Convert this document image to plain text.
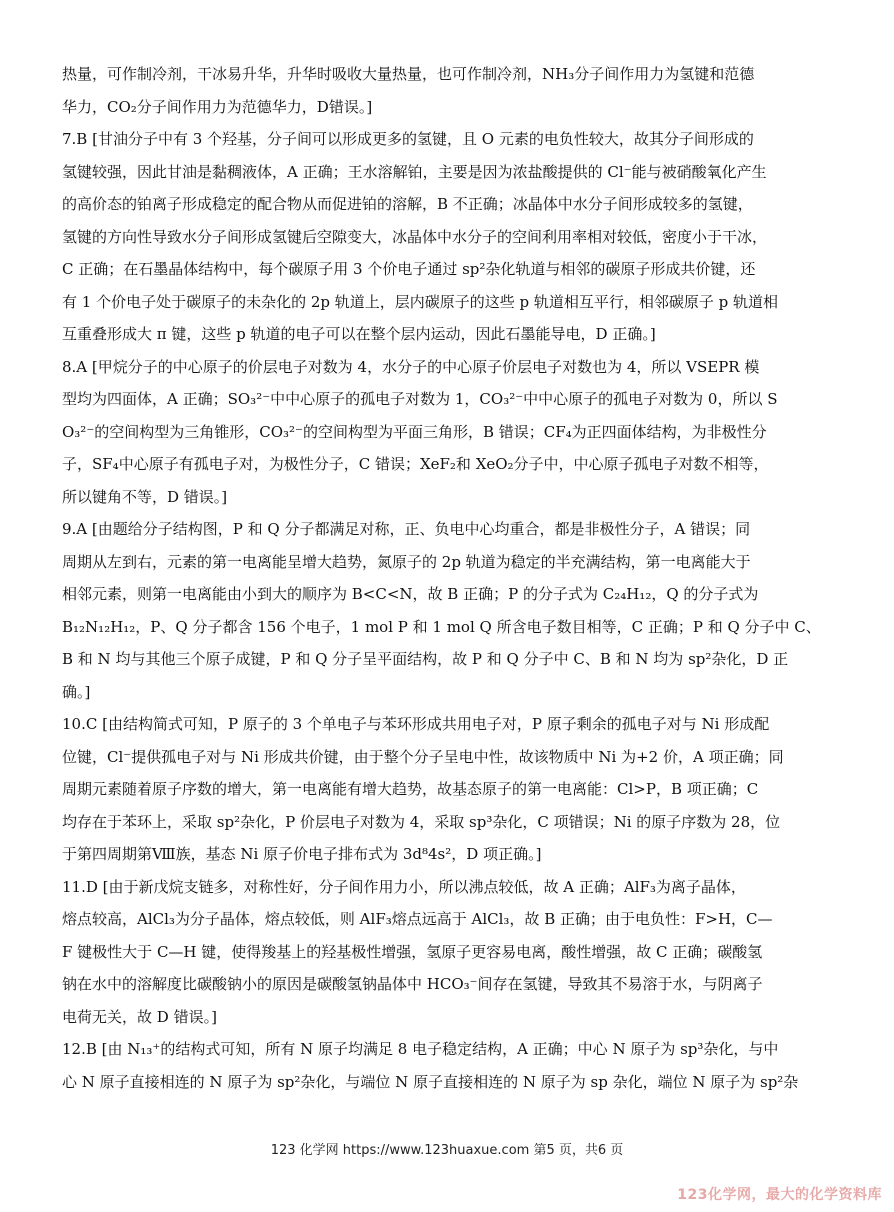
热量，可作制冷剂，干冰易升华，升华时吸收大量热量，也可作制冷剂，NH₃分子间作用力为氢键和范德
华力，CO₂分子间作用力为范德华力，D错误。]
7.B [甘油分子中有 3 个羟基，分子间可以形成更多的氢键，且 O 元素的电负性较大，故其分子间形成的
氢键较强，因此甘油是黏稠液体，A 正确；王水溶解铂，主要是因为浓盐酸提供的 Cl⁻能与被硝酸氧化产生
的高价态的铂离子形成稳定的配合物从而促进铂的溶解，B 不正确；冰晶体中水分子间形成较多的氢键，
氢键的方向性导致水分子间形成氢键后空隙变大，冰晶体中水分子的空间利用率相对较低，密度小于干冰，
C 正确；在石墨晶体结构中，每个碳原子用 3 个价电子通过 sp²杂化轨道与相邻的碳原子形成共价键，还
有 1 个价电子处于碳原子的未杂化的 2p 轨道上，层内碳原子的这些 p 轨道相互平行，相邻碳原子 p 轨道相
互重叠形成大 π 键，这些 p 轨道的电子可以在整个层内运动，因此石墨能导电，D 正确。]
8.A [甲烷分子的中心原子的价层电子对数为 4，水分子的中心原子价层电子对数也为 4，所以 VSEPR 模
型均为四面体，A 正确；SO₃²⁻中中心原子的孤电子对数为 1，CO₃²⁻中中心原子的孤电子对数为 0，所以 S
O₃²⁻的空间构型为三角锥形，CO₃²⁻的空间构型为平面三角形，B 错误；CF₄为正四面体结构，为非极性分
子，SF₄中心原子有孤电子对，为极性分子，C 错误；XeF₂和 XeO₂分子中，中心原子孤电子对数不相等，
所以键角不等，D 错误。]
9.A [由题给分子结构图，P 和 Q 分子都满足对称，正、负电中心均重合，都是非极性分子，A 错误；同
周期从左到右，元素的第一电离能呈增大趋势，氮原子的 2p 轨道为稳定的半充满结构，第一电离能大于
相邻元素，则第一电离能由小到大的顺序为 B<C<N，故 B 正确；P 的分子式为 C₂₄H₁₂，Q 的分子式为
B₁₂N₁₂H₁₂，P、Q 分子都含 156 个电子，1 mol P 和 1 mol Q 所含电子数目相等，C 正确；P 和 Q 分子中 C、
B 和 N 均与其他三个原子成键，P 和 Q 分子呈平面结构，故 P 和 Q 分子中 C、B 和 N 均为 sp²杂化，D 正
确。]
10.C [由结构简式可知，P 原子的 3 个单电子与苯环形成共用电子对，P 原子剩余的孤电子对与 Ni 形成配
位键，Cl⁻提供孤电子对与 Ni 形成共价键，由于整个分子呈电中性，故该物质中 Ni 为+2 价，A 项正确；同
周期元素随着原子序数的增大，第一电离能有增大趋势，故基态原子的第一电离能：Cl>P，B 项正确；C
均存在于苯环上，采取 sp²杂化，P 价层电子对数为 4，采取 sp³杂化，C 项错误；Ni 的原子序数为 28，位
于第四周期第Ⅷ族，基态 Ni 原子价电子排布式为 3d⁸4s²，D 项正确。]
11.D [由于新戊烷支链多，对称性好，分子间作用力小，所以沸点较低，故 A 正确；AlF₃为离子晶体，
熔点较高，AlCl₃为分子晶体，熔点较低，则 AlF₃熔点远高于 AlCl₃，故 B 正确；由于电负性：F>H，C—
F 键极性大于 C—H 键，使得羧基上的羟基极性增强，氢原子更容易电离，酸性增强，故 C 正确；碳酸氢
钠在水中的溶解度比碳酸钠小的原因是碳酸氢钠晶体中 HCO₃⁻间存在氢键，导致其不易溶于水，与阴离子
电荷无关，故 D 错误。]
12.B [由 N₁₃⁺的结构式可知，所有 N 原子均满足 8 电子稳定结构，A 正确；中心 N 原子为 sp³杂化，与中
心 N 原子直接相连的 N 原子为 sp²杂化，与端位 N 原子直接相连的 N 原子为 sp 杂化，端位 N 原子为 sp²杂
123 化学网 https://www.123huaxue.com 第5 页，共6 页
123化学网，最大的化学资料库
